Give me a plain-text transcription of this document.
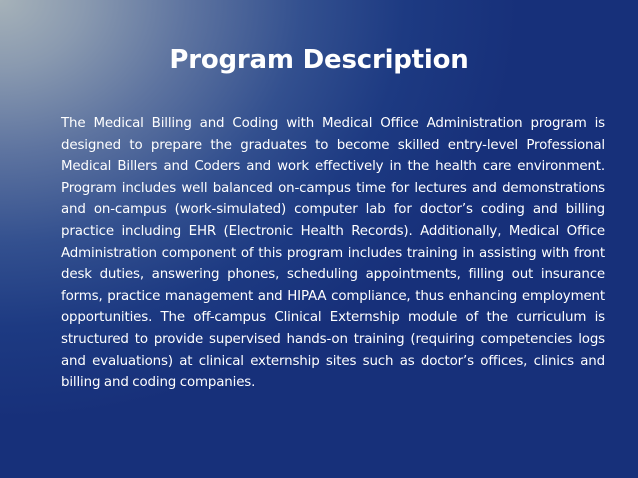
Program Description
The Medical Billing and Coding with Medical Office Administration program is designed to prepare the graduates to become skilled entry-level Professional Medical Billers and Coders and work effectively in the health care environment. Program includes well balanced on-campus time for lectures and demonstrations and on-campus (work-simulated) computer lab for doctor’s coding and billing practice including EHR (Electronic Health Records). Additionally, Medical Office Administration component of this program includes training in assisting with front desk duties, answering phones, scheduling appointments, filling out insurance forms, practice management and HIPAA compliance, thus enhancing employment opportunities. The off-campus Clinical Externship module of the curriculum is structured to provide supervised hands-on training (requiring competencies logs and evaluations) at clinical externship sites such as doctor’s offices, clinics and billing and coding companies.
